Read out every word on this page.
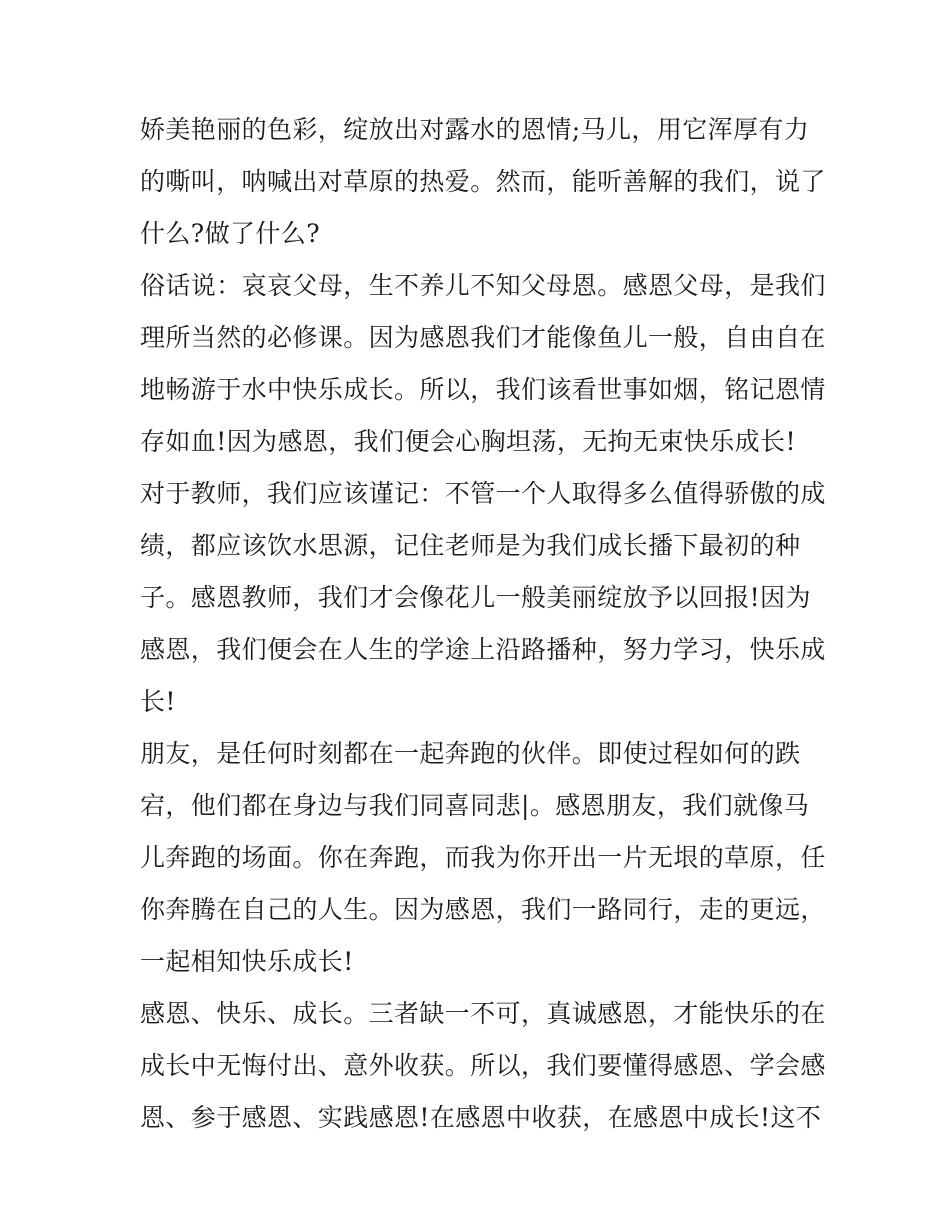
娇美艳丽的色彩，绽放出对露水的恩情;马儿，用它浑厚有力
的嘶叫，呐喊出对草原的热爱。然而，能听善解的我们，说了
什么?做了什么?
俗话说：哀哀父母，生不养儿不知父母恩。感恩父母，是我们
理所当然的必修课。因为感恩我们才能像鱼儿一般，自由自在
地畅游于水中快乐成长。所以，我们该看世事如烟，铭记恩情
存如血!因为感恩，我们便会心胸坦荡，无拘无束快乐成长!
对于教师，我们应该谨记：不管一个人取得多么值得骄傲的成
绩，都应该饮水思源，记住老师是为我们成长播下最初的种
子。感恩教师，我们才会像花儿一般美丽绽放予以回报!因为
感恩，我们便会在人生的学途上沿路播种，努力学习，快乐成
长!
朋友，是任何时刻都在一起奔跑的伙伴。即使过程如何的跌
宕，他们都在身边与我们同喜同悲|。感恩朋友，我们就像马
儿奔跑的场面。你在奔跑，而我为你开出一片无垠的草原，任
你奔腾在自己的人生。因为感恩，我们一路同行，走的更远，
一起相知快乐成长!
感恩、快乐、成长。三者缺一不可，真诚感恩，才能快乐的在
成长中无悔付出、意外收获。所以，我们要懂得感恩、学会感
恩、参于感恩、实践感恩!在感恩中收获，在感恩中成长!这不
